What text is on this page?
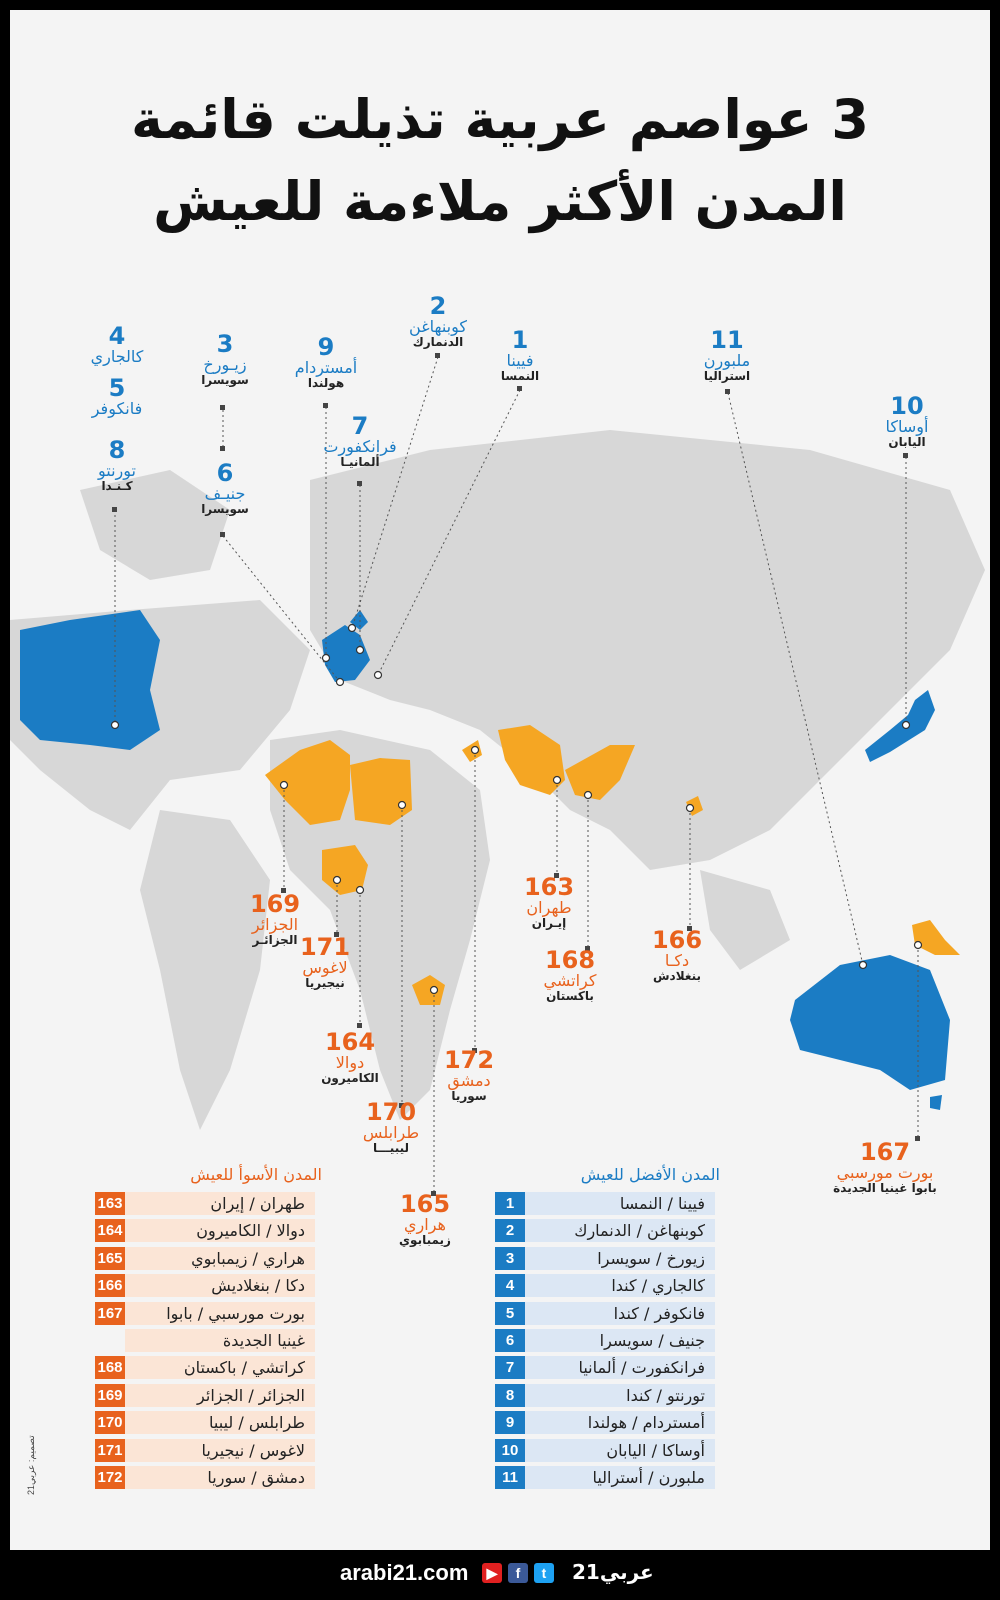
3 عواصم عربية تذيلت قائمة
المدن الأكثر ملاءمة للعيش
4
كالجاري
5
فانكوفر
8
تورنتو
كـنـدا
3
زيـورخ
سويسرا
6
جنيـف
سويسرا
9
أمستردام
هولندا
7
فرانكفورت
ألمانيـا
2
كوبنهاغن
الدنمارك	1
فيينا
النمسا
11
ملبورن
استراليا
10
أوساكا
اليابان
169
الجزائر
الجزائـر 171
لاغوس
نيجيريا
164
دوالا
الكاميرون
170
طرابلس
ليبيـــا
165
هراري
زيمبابوي
172
دمشق
سوريا
163
طهران
إيـران
168
كراتشي
باكستان
166
دكـا
بنغلادش
167
بورت مورسبي
بابوا غينيا الجديدة
المدن الأفضل للعيش
1	فيينا / النمسا
2	كوبنهاغن / الدنمارك
3	زيورخ / سويسرا
4	كالجاري / كندا
5	فانكوفر / كندا
6	جنيف / سويسرا
7	فرانكفورت / ألمانيا
8	تورنتو / كندا
9	أمستردام / هولندا
10	أوساكا / اليابان
11	ملبورن / أستراليا
المدن الأسوأ للعيش
163	طهران / إيران
164	دوالا / الكاميرون
165	هراري / زيمبابوي
166	دكا / بنغلاديش
167	بورت مورسبي / بابوا
غينيا الجديدة
168	كراتشي / باكستان
169	الجزائر / الجزائر
170	طرابلس / ليبيا
171	لاغوس / نيجيريا
172	دمشق / سوريا
تصميم: عربي21
arabi21.com	▶	f	t	عربي21
